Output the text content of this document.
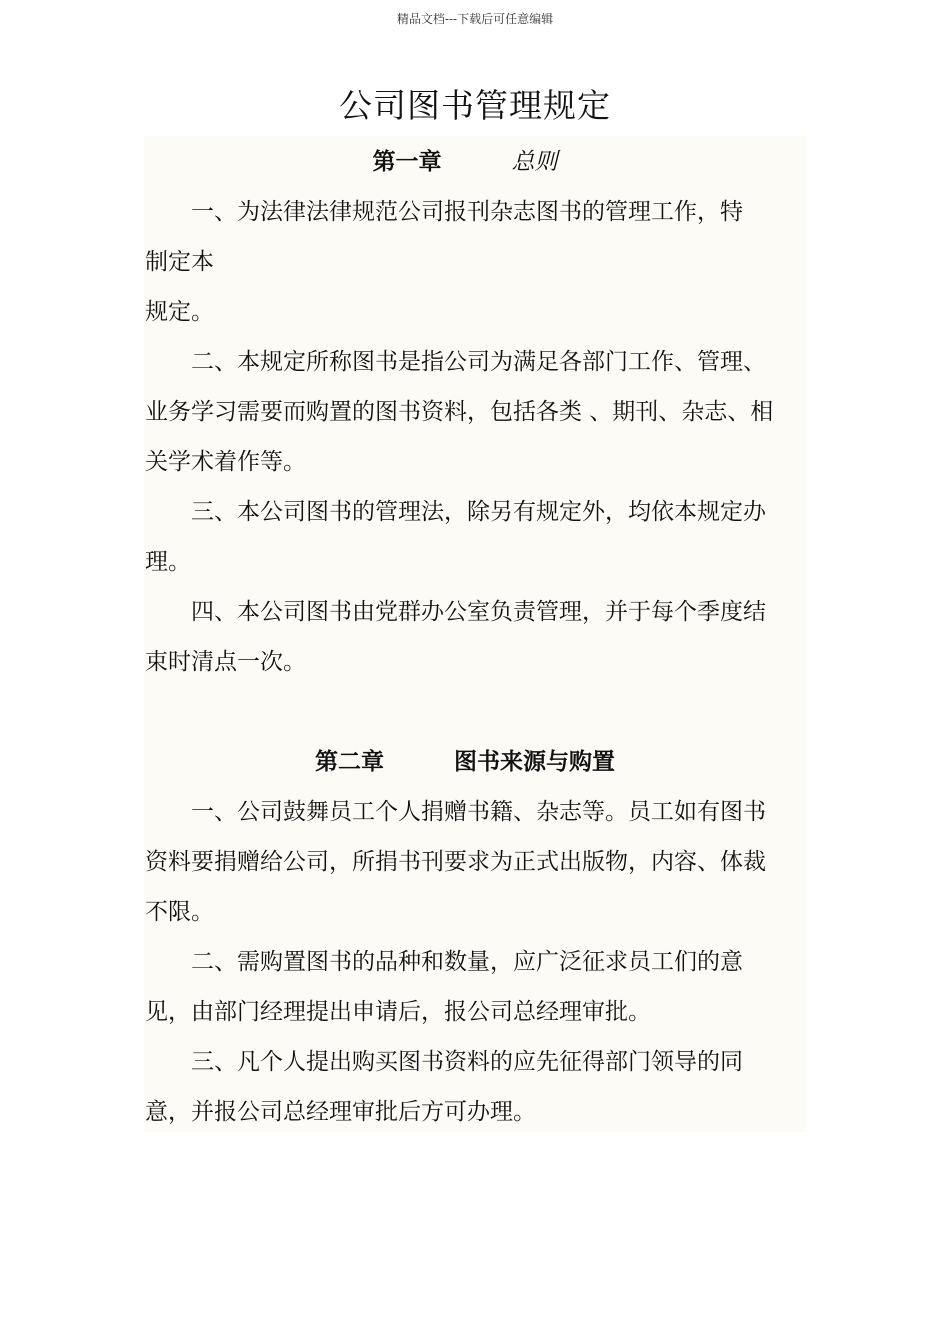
精品文档---下载后可任意编辑
公司图书管理规定
第一章	总则

一、为法律法律规范公司报刊杂志图书的管理工作，特制定本

规定。

二、本规定所称图书是指公司为满足各部门工作、管理、业务学习需要而购置的图书资料，包括各类 、期刊、杂志、相关学术着作等。

三、本公司图书的管理法，除另有规定外，均依本规定办理。

四、本公司图书由党群办公室负责管理，并于每个季度结束时清点一次。

第二章	图书来源与购置

一、公司鼓舞员工个人捐赠书籍、杂志等。员工如有图书资料要捐赠给公司，所捐书刊要求为正式出版物，内容、体裁不限。

二、需购置图书的品种和数量，应广泛征求员工们的意见，由部门经理提出申请后，报公司总经理审批。

三、凡个人提出购买图书资料的应先征得部门领导的同意，并报公司总经理审批后方可办理。
